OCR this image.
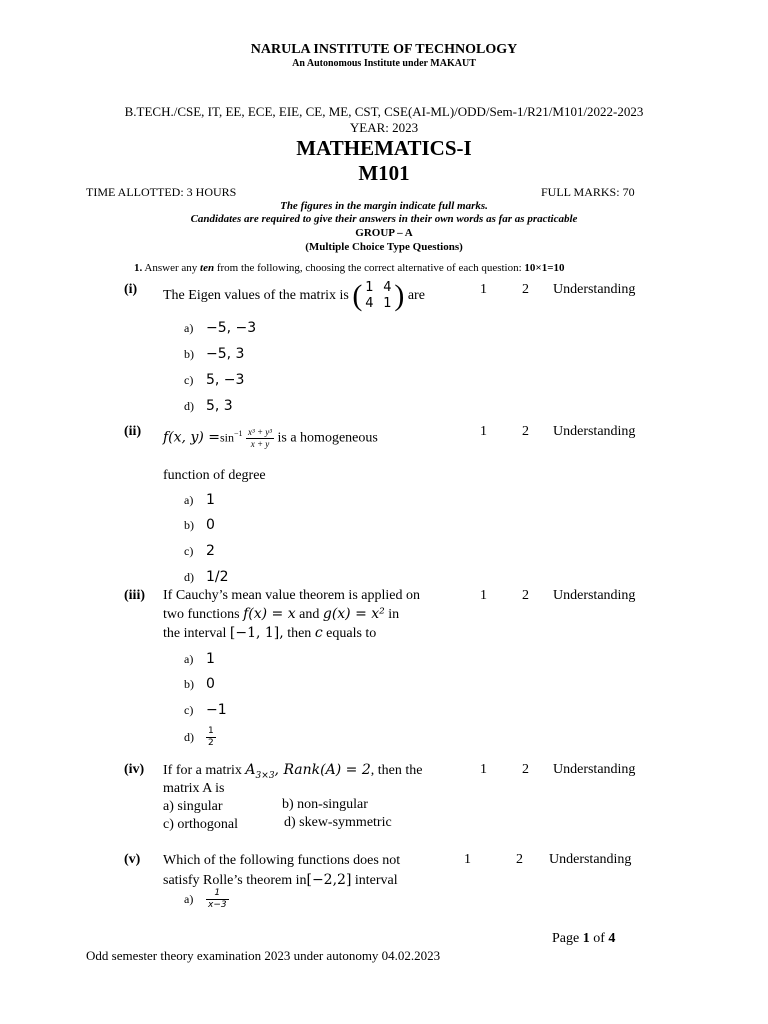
NARULA INSTITUTE OF TECHNOLOGY
An Autonomous Institute under MAKAUT
B.TECH./CSE, IT, EE, ECE, EIE, CE, ME, CST, CSE(AI-ML)/ODD/Sem-1/R21/M101/2022-2023
YEAR: 2023
MATHEMATICS-I
M101
TIME ALLOTTED: 3 HOURS	FULL MARKS: 70
The figures in the margin indicate full marks.
Candidates are required to give their answers in their own words as far as practicable
GROUP – A
(Multiple Choice Type Questions)
1. Answer any ten from the following, choosing the correct alternative of each question: 10×1=10
(i) The Eigen values of the matrix is ( 1 4
4 1 ) are	1	2 Understanding
a) −5, −3
b) −5, 3
c) 5, −3
d) 5, 3
(ii) f(x, $y) =\sin^{-1} \frac{\text{x³ + y³}}{x + y}$ is a homogeneous
function of degree
1	2 Understanding
a) 1
b) 0
c) 2
d) 1/2
(iii) If Cauchy’s mean value theorem is applied on
two functions f(x) = x and g(x) = x² in
the interval [−1, 1], then c equals to
1	2 Understanding
a) 1
b) 0
c) −1
$d) \frac{1}{2}$
(iv) If for a matrix $A_{3\times 3}$, Rank(A) = 2, then the
matrix A is
a) singular	b) non-singular
c) orthogonal	d) skew-symmetric
1	2 Understanding
(v) Which of the following functions does not
satisfy Rolle’s theorem in[−2,2] interval
1	2 Understanding
$a) \frac{1}{x-3}$
Page 1 of 4
Odd semester theory examination 2023 under autonomy 04.02.2023
